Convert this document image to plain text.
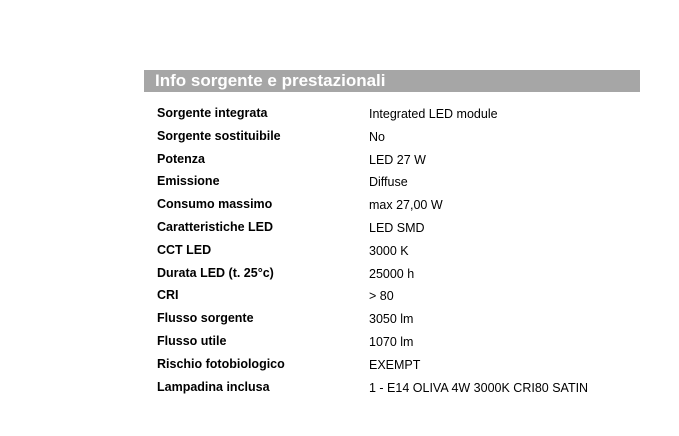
Info sorgente e prestazionali
Sorgente integrata	Integrated LED module
Sorgente sostituibile	No
Potenza	LED 27 W
Emissione	Diffuse
Consumo massimo	max 27,00 W
Caratteristiche LED	LED SMD
CCT LED	3000 K
Durata LED (t. 25°c)	25000 h
CRI	> 80
Flusso sorgente	3050 lm
Flusso utile	1070 lm
Rischio fotobiologico	EXEMPT
Lampadina inclusa	1 - E14 OLIVA 4W 3000K CRI80 SATIN
